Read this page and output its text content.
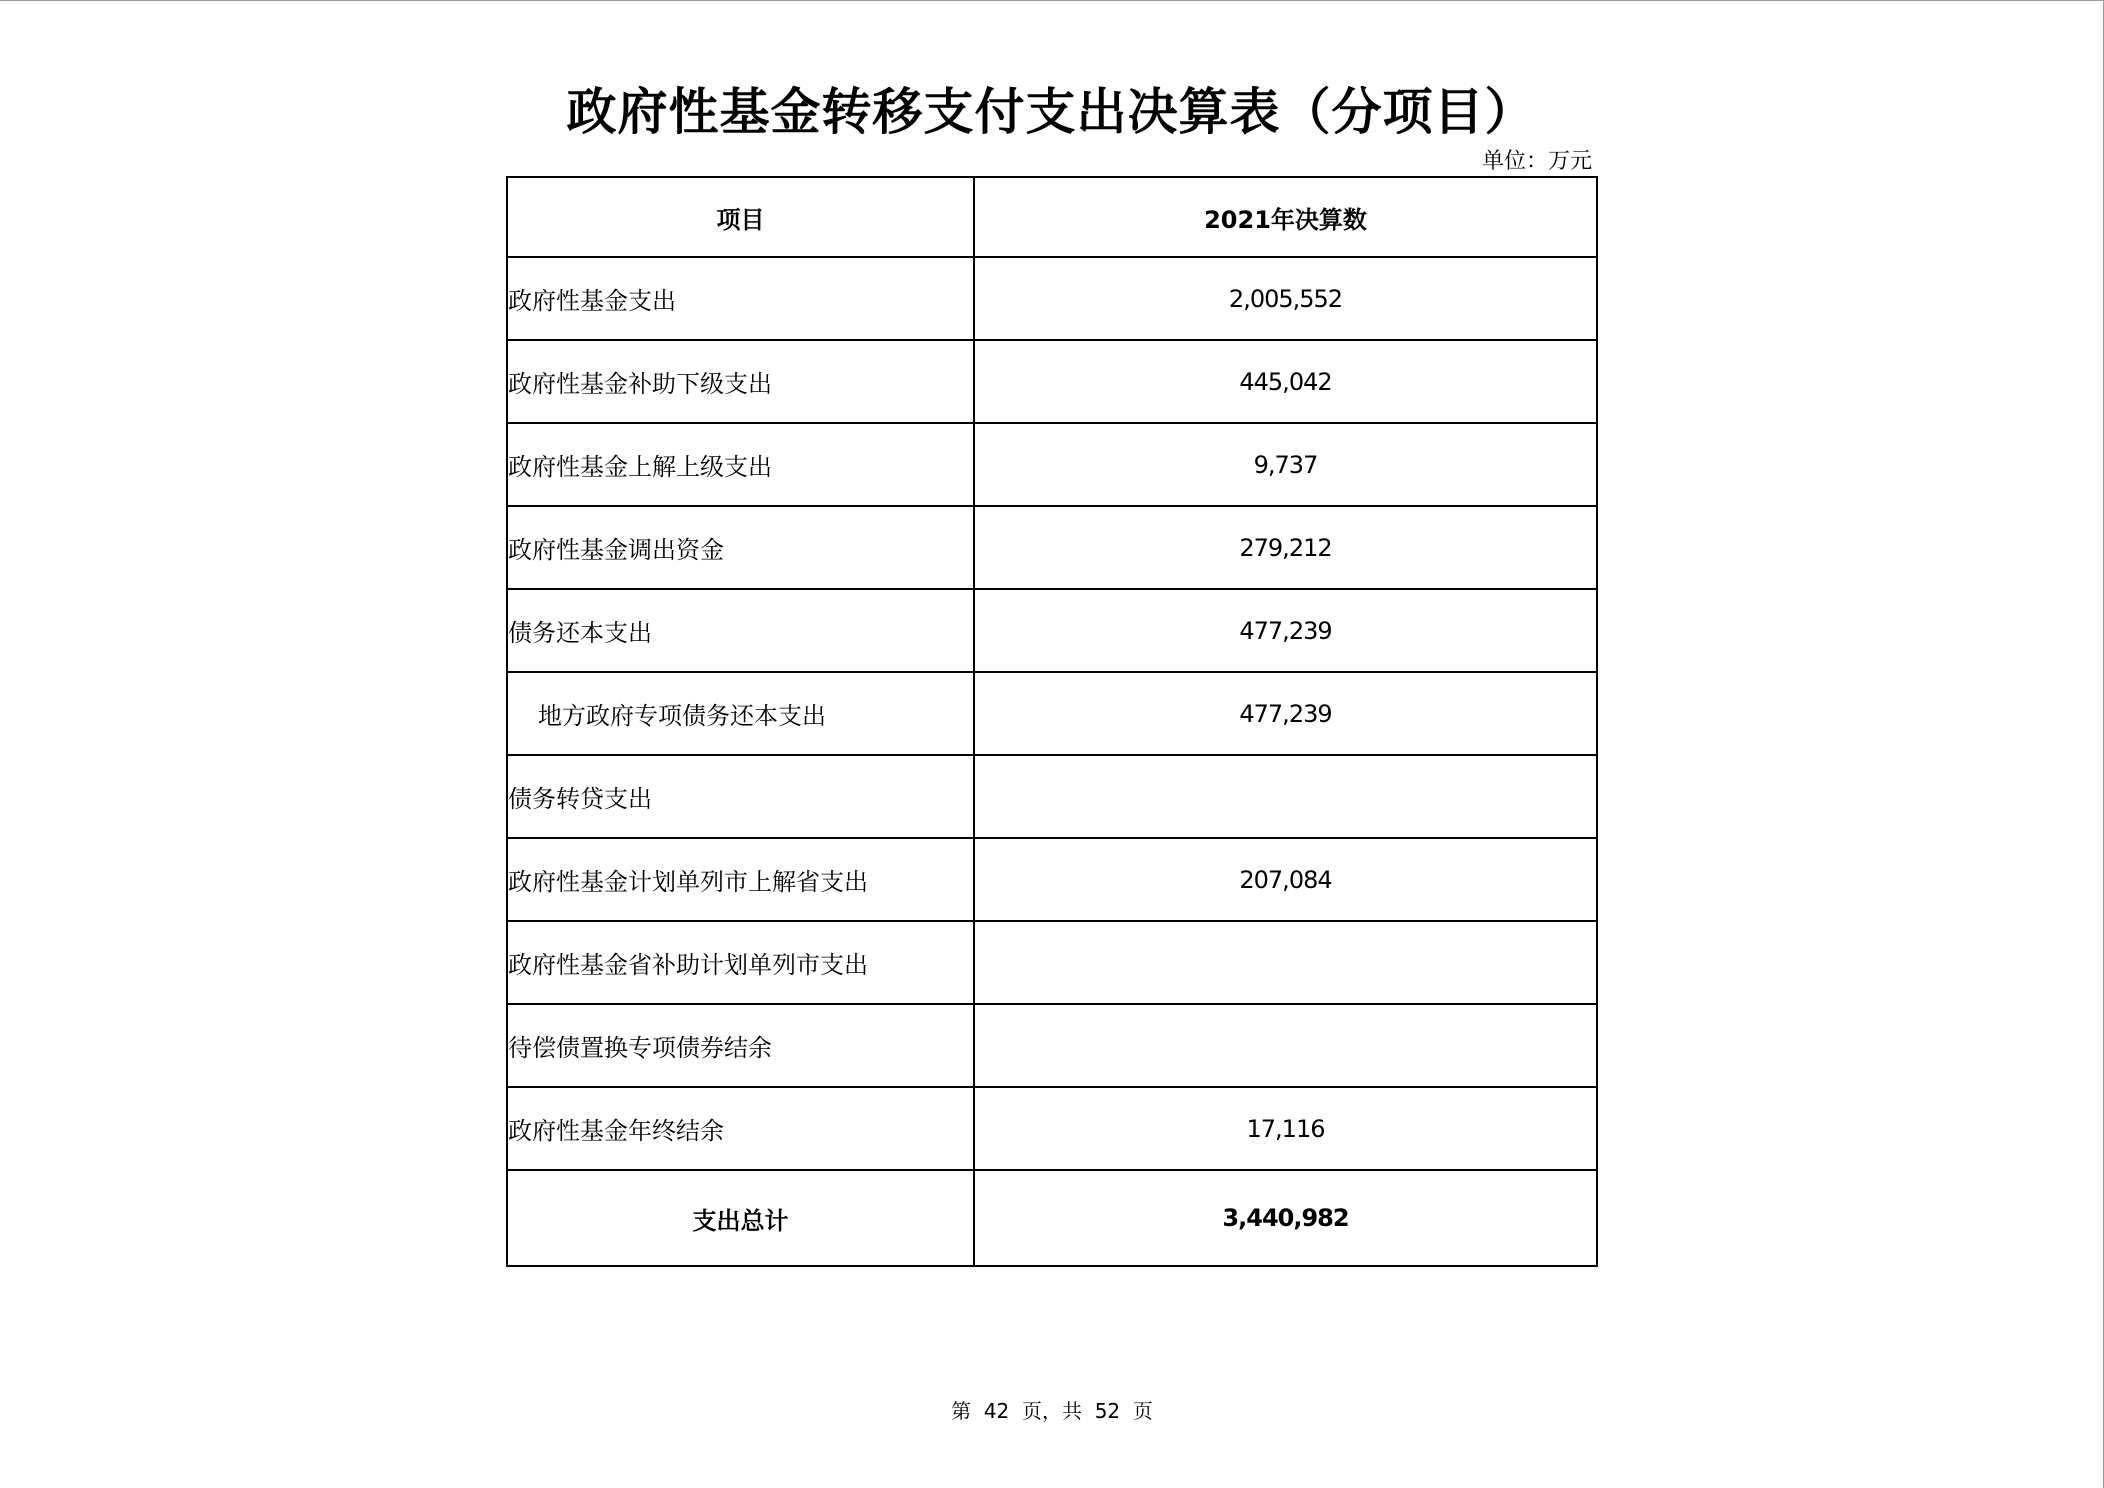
政府性基金转移支付支出决算表（分项目）
单位：万元
项目	2021年决算数
政府性基金支出	2,005,552
政府性基金补助下级支出	445,042
政府性基金上解上级支出	9,737
政府性基金调出资金	279,212
债务还本支出	477,239
地方政府专项债务还本支出	477,239
债务转贷支出	
政府性基金计划单列市上解省支出	207,084
政府性基金省补助计划单列市支出	
待偿债置换专项债券结余	
政府性基金年终结余	17,116
支出总计	3,440,982
第  42  页，共  52  页
